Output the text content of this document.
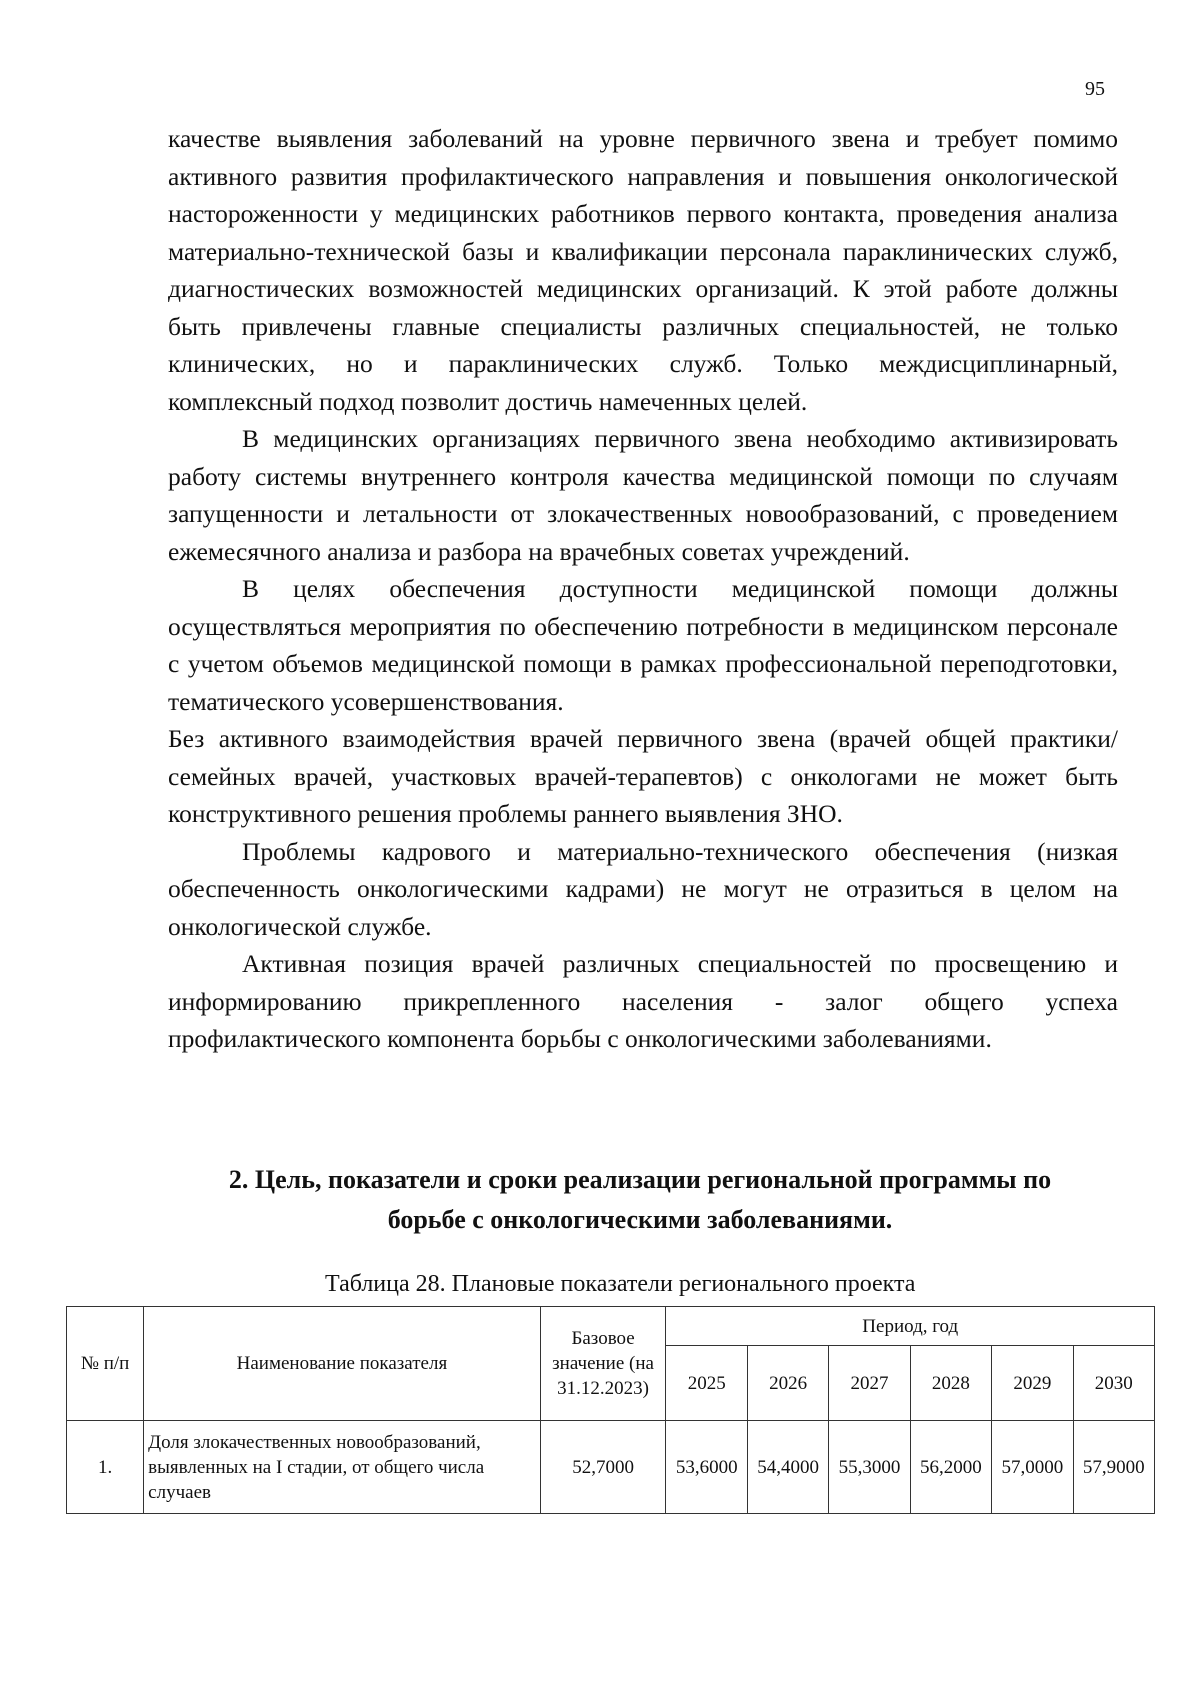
95

качестве выявления заболеваний на уровне первичного звена и требует помимо активного развития профилактического направления и повышения онкологической настороженности у медицинских работников первого контакта, проведения анализа материально-технической базы и квалификации персонала параклинических служб, диагностических возможностей медицинских организаций. К этой работе должны быть привлечены главные специалисты различных специальностей, не только клинических, но и параклинических служб. Только междисциплинарный, комплексный подход позволит достичь намеченных целей.

В медицинских организациях первичного звена необходимо активизировать работу системы внутреннего контроля качества медицинской помощи по случаям запущенности и летальности от злокачественных новообразований, с проведением ежемесячного анализа и разбора на врачебных советах учреждений.

В целях обеспечения доступности медицинской помощи должны осуществляться мероприятия по обеспечению потребности в медицинском персонале с учетом объемов медицинской помощи в рамках профессиональной переподготовки, тематического усовершенствования.

Без активного взаимодействия врачей первичного звена (врачей общей практики/семейных врачей, участковых врачей-терапевтов) с онкологами не может быть конструктивного решения проблемы раннего выявления ЗНО.

Проблемы кадрового и материально-технического обеспечения (низкая обеспеченность онкологическими кадрами) не могут не отразиться в целом на онкологической службе.

Активная позиция врачей различных специальностей по просвещению и информированию прикрепленного населения - залог общего успеха профилактического компонента борьбы с онкологическими заболеваниями.

2. Цель, показатели и сроки реализации региональной программы по
борьбе с онкологическими заболеваниями.
Таблица 28. Плановые показатели регионального проекта
№ п/п	Наименование показателя	Базовое значение (на 31.12.2023)	Период, год					
			2025	2026	2027	2028	2029	2030
1.	Доля злокачественных новообразований, выявленных на I стадии, от общего числа случаев	52,7000	53,6000	54,4000	55,3000	56,2000	57,0000	57,9000
